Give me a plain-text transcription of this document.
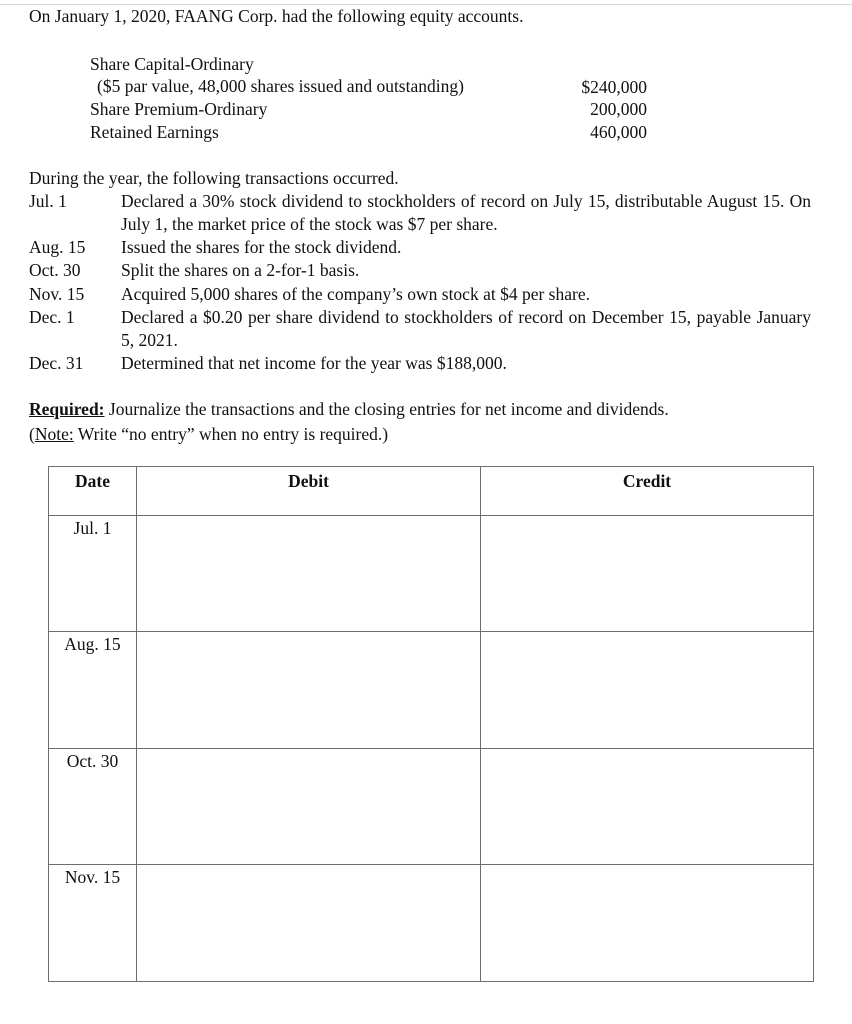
On January 1, 2020, FAANG Corp. had the following equity accounts.
Share Capital-Ordinary
($5 par value, 48,000 shares issued and outstanding)	$240,000
Share Premium-Ordinary	200,000
Retained Earnings	460,000
During the year, the following transactions occurred.
Jul. 1	Declared a 30% stock dividend to stockholders of record on July 15, distributable August 15. On July 1, the market price of the stock was $7 per share.
Aug. 15 Issued the shares for the stock dividend.
Oct. 30 Split the shares on a 2-for-1 basis.
Nov. 15 Acquired 5,000 shares of the company’s own stock at $4 per share.
Dec. 1	Declared a $0.20 per share dividend to stockholders of record on December 15, payable January 5, 2021.
Dec. 31 Determined that net income for the year was $188,000.
Required: Journalize the transactions and the closing entries for net income and dividends.
(Note: Write “no entry” when no entry is required.)
Date	Debit	Credit

Jul. 1		

Aug. 15		

Oct. 30		

Nov. 15		
